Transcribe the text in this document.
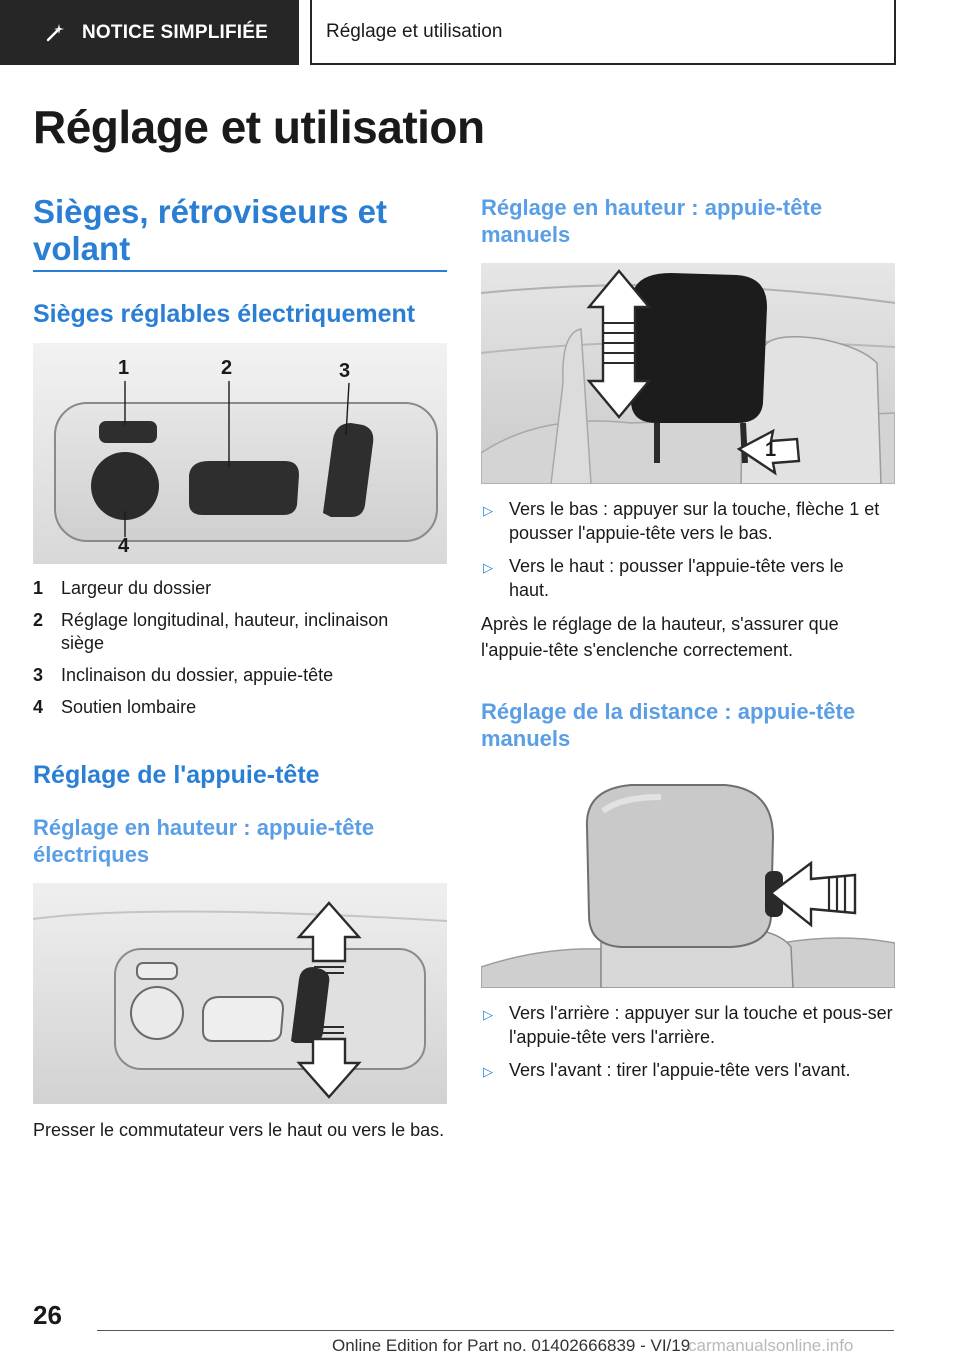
NOTICE SIMPLIFIÉE	Réglage et utilisation
Réglage et utilisation
Sièges, rétroviseurs et volant
Sièges réglables électriquement
1	2	3
4
1 Largeur du dossier
2 Réglage longitudinal, hauteur, inclinaison siège
3 Inclinaison du dossier, appuie-tête
4 Soutien lombaire
Réglage de l'appuie-tête
Réglage en hauteur : appuie-tête électriques

Presser le commutateur vers le haut ou vers le bas.

Réglage en hauteur : appuie-tête manuels
1
▷ Vers le bas : appuyer sur la touche, flèche 1 et pousser l'appuie-tête vers le bas.
▷ Vers le haut : pousser l'appuie-tête vers le haut.

Après le réglage de la hauteur, s'assurer que l'appuie-tête s'enclenche correctement.

Réglage de la distance : appuie-tête manuels
▷ Vers l'arrière : appuyer sur la touche et pous-ser l'appuie-tête vers l'arrière.
▷ Vers l'avant : tirer l'appuie-tête vers l'avant.
26
Online Edition for Part no. 01402666839 - VI/19
carmanualsonline.info
